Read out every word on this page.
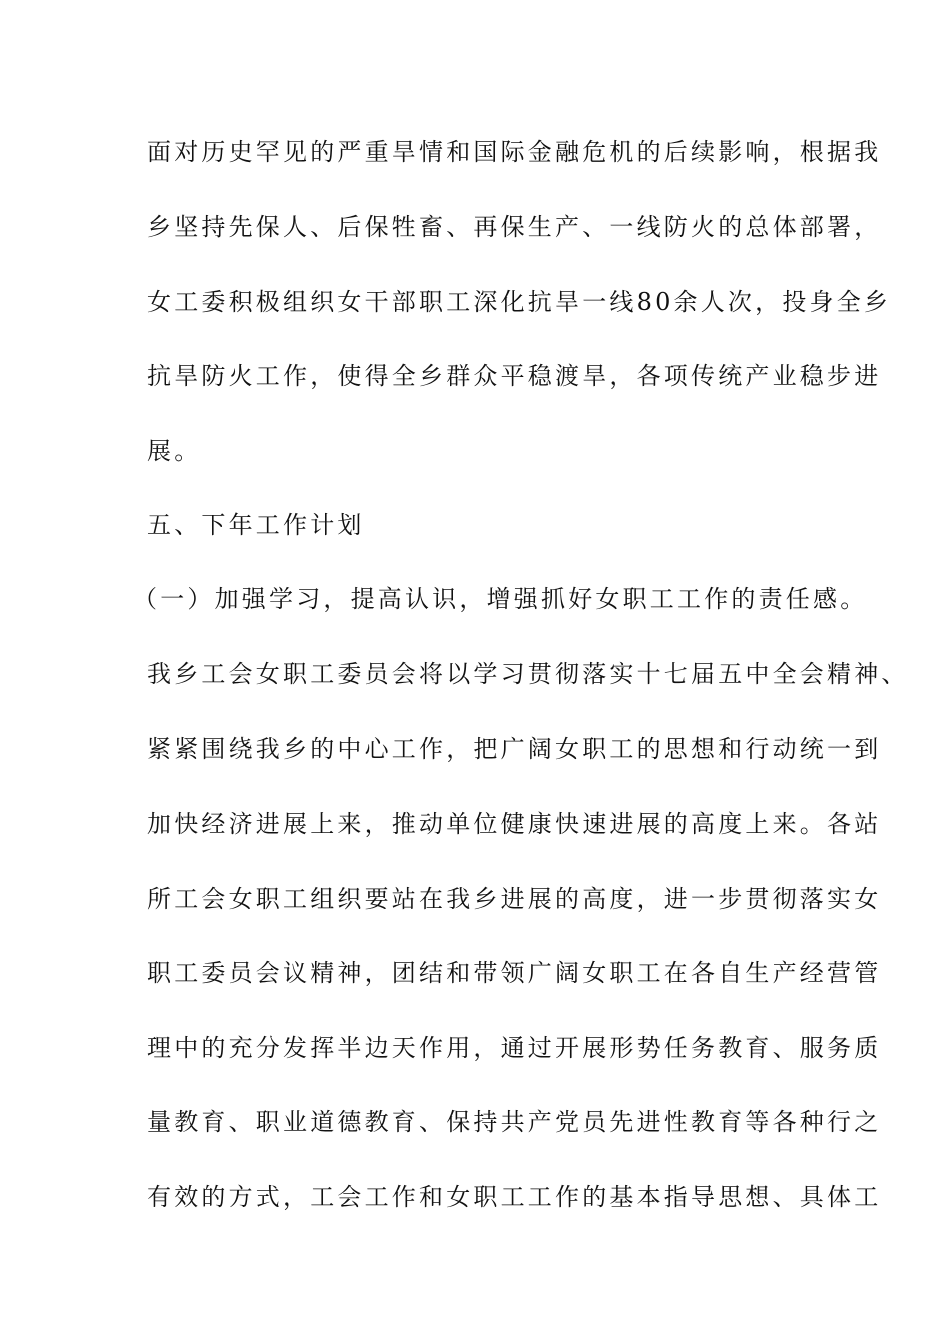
面对历史罕见的严重旱情和国际金融危机的后续影响，根据我
乡坚持先保人、后保牲畜、再保生产、一线防火的总体部署，
女工委积极组织女干部职工深化抗旱一线80余人次，投身全乡
抗旱防火工作，使得全乡群众平稳渡旱，各项传统产业稳步进
展。
五、下年工作计划
（一）加强学习，提高认识，增强抓好女职工工作的责任感。
我乡工会女职工委员会将以学习贯彻落实十七届五中全会精神、
紧紧围绕我乡的中心工作，把广阔女职工的思想和行动统一到
加快经济进展上来，推动单位健康快速进展的高度上来。各站
所工会女职工组织要站在我乡进展的高度，进一步贯彻落实女
职工委员会议精神，团结和带领广阔女职工在各自生产经营管
理中的充分发挥半边天作用，通过开展形势任务教育、服务质
量教育、职业道德教育、保持共产党员先进性教育等各种行之
有效的方式，工会工作和女职工工作的基本指导思想、具体工
